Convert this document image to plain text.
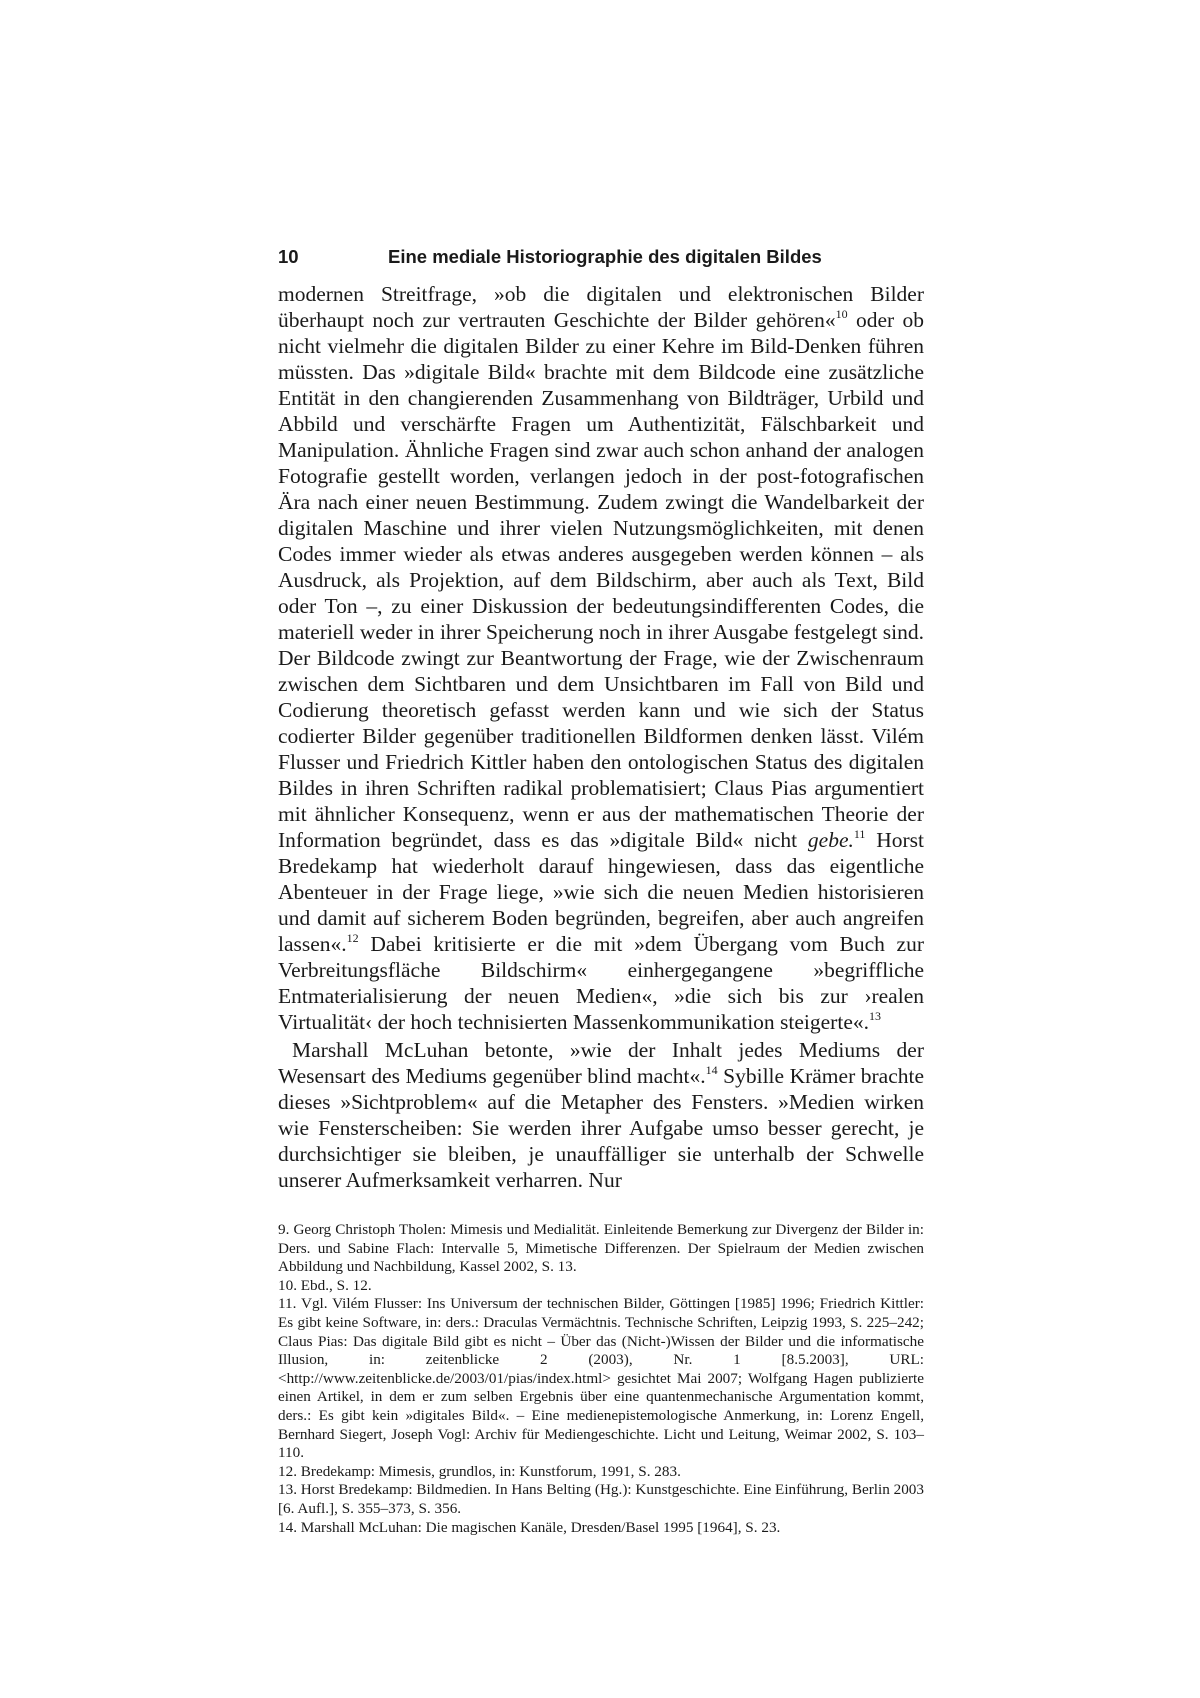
10	Eine mediale Historiographie des digitalen Bildes

modernen Streitfrage, »ob die digitalen und elektronischen Bilder überhaupt noch zur vertrauten Geschichte der Bilder gehören«$^{10}$ oder ob nicht vielmehr die digitalen Bilder zu einer Kehre im Bild-Denken führen müssten. Das »digitale Bild« brachte mit dem Bildcode eine zusätzliche Entität in den changierenden Zusammenhang von Bildträger, Urbild und Abbild und verschärfte Fragen um Authentizität, Fälschbarkeit und Manipulation. Ähnliche Fragen sind zwar auch schon anhand der analogen Fotografie gestellt worden, verlangen jedoch in der post-fotografischen Ära nach einer neuen Bestimmung. Zudem zwingt die Wandelbarkeit der digitalen Maschine und ihrer vielen Nutzungsmöglichkeiten, mit denen Codes immer wieder als etwas anderes ausgegeben werden können – als Ausdruck, als Projektion, auf dem Bildschirm, aber auch als Text, Bild oder Ton –, zu einer Diskussion der bedeutungsindifferenten Codes, die materiell weder in ihrer Speicherung noch in ihrer Ausgabe festgelegt sind. Der Bildcode zwingt zur Beantwortung der Frage, wie der Zwischenraum zwischen dem Sichtbaren und dem Unsichtbaren im Fall von Bild und Codierung theoretisch gefasst werden kann und wie sich der Status codierter Bilder gegenüber traditionellen Bildformen denken lässt. Vilém Flusser und Friedrich Kittler haben den ontologischen Status des digitalen Bildes in ihren Schriften radikal problematisiert; Claus Pias argumentiert mit ähnlicher Konsequenz, wenn er aus der mathematischen Theorie der Information begründet, dass es das »digitale Bild« nicht gebe.$^{11}$ Horst Bredekamp hat wiederholt darauf hingewiesen, dass das eigentliche Abenteuer in der Frage liege, »wie sich die neuen Medien historisieren und damit auf sicherem Boden begründen, begreifen, aber auch angreifen lassen«.$^{12}$ Dabei kritisierte er die mit »dem Übergang vom Buch zur Verbreitungsfläche Bildschirm« einhergegangene »begriffliche Entmaterialisierung der neuen Medien«, »die sich bis zur ›realen Virtualität‹ der hoch technisierten Massenkommunikation steigerte«.$^{13}$

Marshall McLuhan betonte, »wie der Inhalt jedes Mediums der Wesensart des Mediums gegenüber blind macht«.$^{14}$ Sybille Krämer brachte dieses »Sichtproblem« auf die Metapher des Fensters. »Medien wirken wie Fensterscheiben: Sie werden ihrer Aufgabe umso besser gerecht, je durchsichtiger sie bleiben, je unauffälliger sie unterhalb der Schwelle unserer Aufmerksamkeit verharren. Nur

9. Georg Christoph Tholen: Mimesis und Medialität. Einleitende Bemerkung zur Divergenz der Bilder in: Ders. und Sabine Flach: Intervalle 5, Mimetische Differenzen. Der Spielraum der Medien zwischen Abbildung und Nachbildung, Kassel 2002, S. 13.

10. Ebd., S. 12.

11. Vgl. Vilém Flusser: Ins Universum der technischen Bilder, Göttingen [1985] 1996; Friedrich Kittler: Es gibt keine Software, in: ders.: Draculas Vermächtnis. Technische Schriften, Leipzig 1993, S. 225–242; Claus Pias: Das digitale Bild gibt es nicht – Über das (Nicht-)Wissen der Bilder und die informatische Illusion, in: zeitenblicke 2 (2003), Nr. 1 [8.5.2003], URL: <http://www.zeitenblicke.de/2003/01/pias/index.html> gesichtet Mai 2007; Wolfgang Hagen publizierte einen Artikel, in dem er zum selben Ergebnis über eine quantenmechanische Argumentation kommt, ders.: Es gibt kein »digitales Bild«. – Eine medienepistemologische Anmerkung, in: Lorenz Engell, Bernhard Siegert, Joseph Vogl: Archiv für Mediengeschichte. Licht und Leitung, Weimar 2002, S. 103–110.

12. Bredekamp: Mimesis, grundlos, in: Kunstforum, 1991, S. 283.

13. Horst Bredekamp: Bildmedien. In Hans Belting (Hg.): Kunstgeschichte. Eine Einführung, Berlin 2003 [6. Aufl.], S. 355–373, S. 356.

14. Marshall McLuhan: Die magischen Kanäle, Dresden/Basel 1995 [1964], S. 23.
